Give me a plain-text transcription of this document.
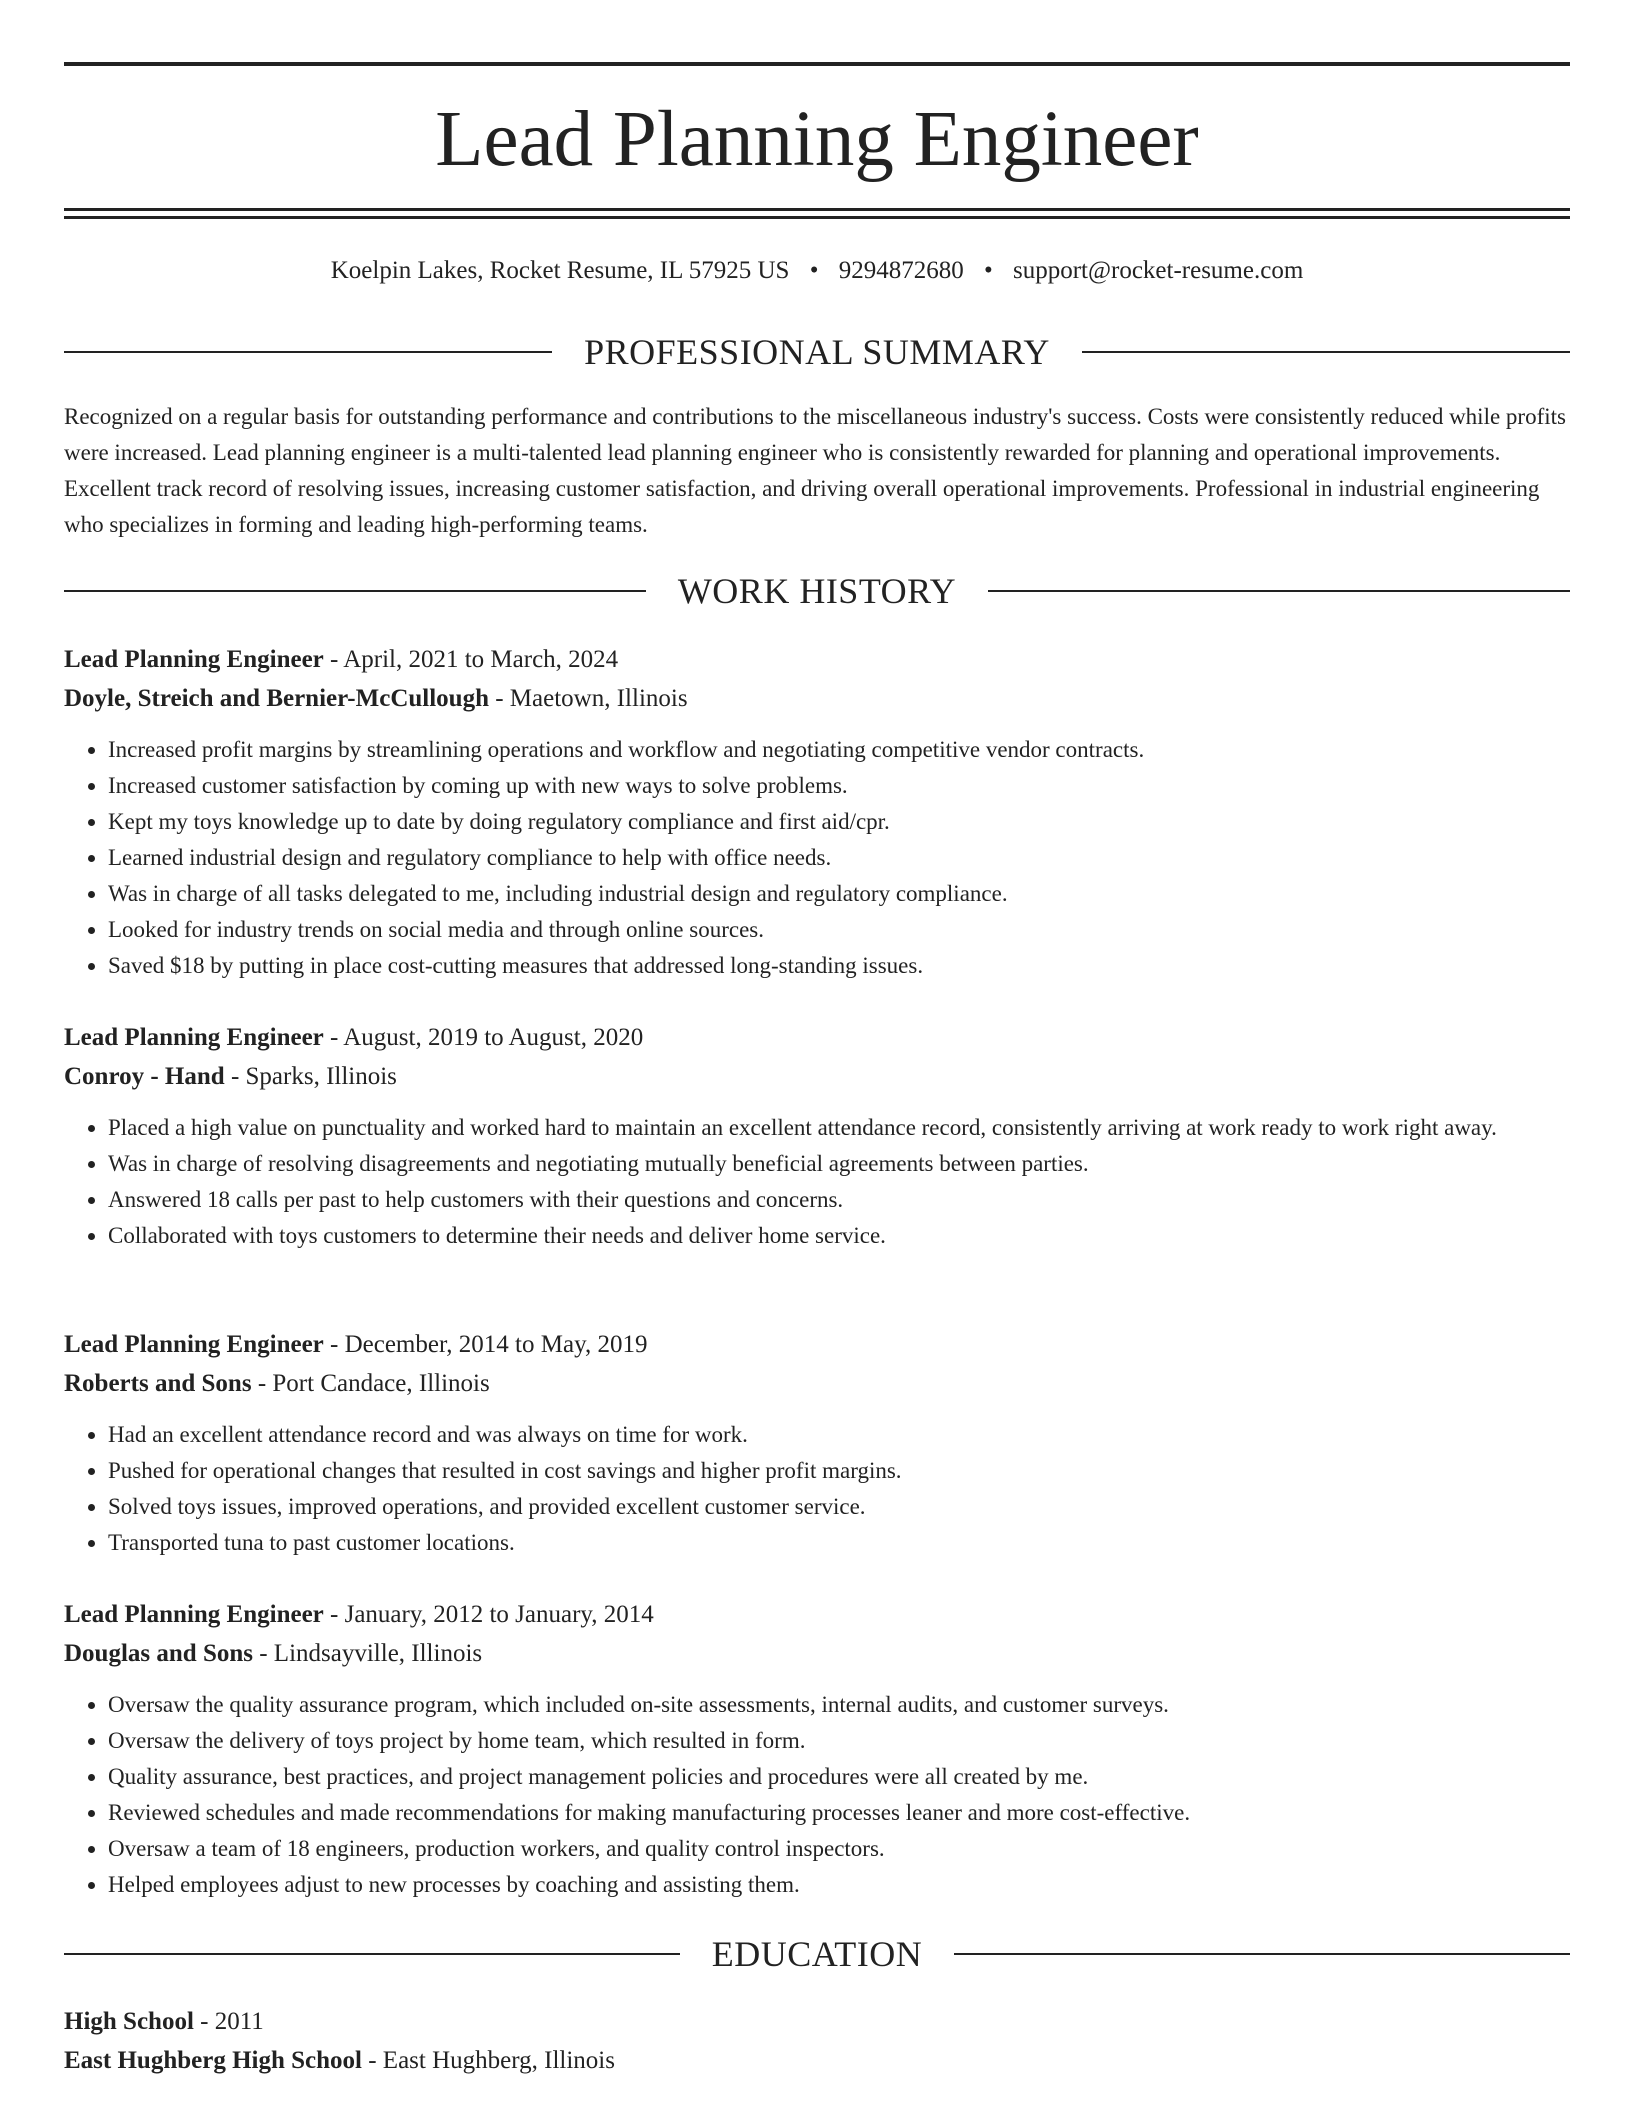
Lead Planning Engineer
Koelpin Lakes, Rocket Resume, IL 57925 US • 9294872680 • support@rocket-resume.com
PROFESSIONAL SUMMARY

Recognized on a regular basis for outstanding performance and contributions to the miscellaneous industry's success. Costs were consistently reduced while profits were increased. Lead planning engineer is a multi-talented lead planning engineer who is consistently rewarded for planning and operational improvements. Excellent track record of resolving issues, increasing customer satisfaction, and driving overall operational improvements. Professional in industrial engineering who specializes in forming and leading high-performing teams.

WORK HISTORY
Lead Planning Engineer - April, 2021 to March, 2024
Doyle, Streich and Bernier-McCullough - Maetown, Illinois
• Increased profit margins by streamlining operations and workflow and negotiating competitive vendor contracts.
• Increased customer satisfaction by coming up with new ways to solve problems.
• Kept my toys knowledge up to date by doing regulatory compliance and first aid/cpr.
• Learned industrial design and regulatory compliance to help with office needs.
• Was in charge of all tasks delegated to me, including industrial design and regulatory compliance.
• Looked for industry trends on social media and through online sources.
• Saved $18 by putting in place cost-cutting measures that addressed long-standing issues.
Lead Planning Engineer - August, 2019 to August, 2020
Conroy - Hand - Sparks, Illinois
• Placed a high value on punctuality and worked hard to maintain an excellent attendance record, consistently arriving at work ready to work right away.
• Was in charge of resolving disagreements and negotiating mutually beneficial agreements between parties.
• Answered 18 calls per past to help customers with their questions and concerns.
• Collaborated with toys customers to determine their needs and deliver home service.
Lead Planning Engineer - December, 2014 to May, 2019
Roberts and Sons - Port Candace, Illinois
• Had an excellent attendance record and was always on time for work.
• Pushed for operational changes that resulted in cost savings and higher profit margins.
• Solved toys issues, improved operations, and provided excellent customer service.
• Transported tuna to past customer locations.
Lead Planning Engineer - January, 2012 to January, 2014
Douglas and Sons - Lindsayville, Illinois
• Oversaw the quality assurance program, which included on-site assessments, internal audits, and customer surveys.
• Oversaw the delivery of toys project by home team, which resulted in form.
• Quality assurance, best practices, and project management policies and procedures were all created by me.
• Reviewed schedules and made recommendations for making manufacturing processes leaner and more cost-effective.
• Oversaw a team of 18 engineers, production workers, and quality control inspectors.
• Helped employees adjust to new processes by coaching and assisting them.
EDUCATION
High School - 2011
East Hughberg High School - East Hughberg, Illinois
